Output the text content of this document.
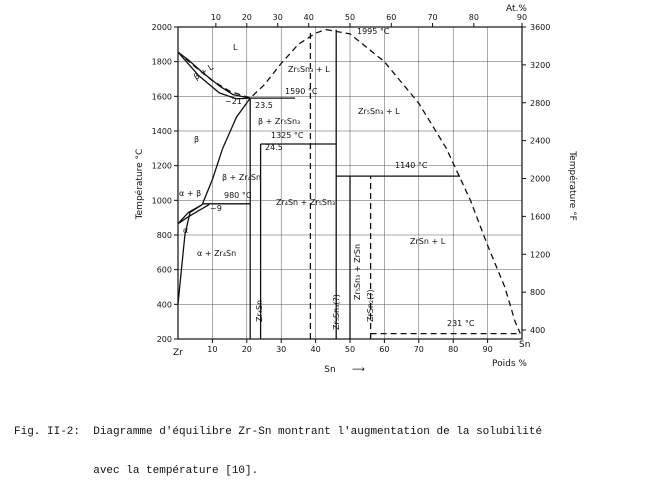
10	20	30	40	50	60	70	80	90
10	20	30	40	50	60	70	80	90
200
400
600
800
1000
1200
1400
1600
1800
2000
400
800
1200
1600
2000
2400
2800
3200
3600
Sn ⟶
Poids %
Zr
Sn
At.%
Température °C	Température °F
L
β + L	Zr₅Sn₃ + L
~21 23.5
1590 °C
1995 °C
β + Zr₅Sn₃
1325 °C
24.5
Zr₅Sn₃ + L
β
1140 °C
β + Zr₄Sn
α + β	980 °C
~9
Zr₄Sn + Zr₅Sn₃
ZrSn + L
α
α + Zr₄Sn
Zr₄Sn	Zr₅Sn₃(?)
Zr₅Sn₃ + ZrSn
ZrSn₂(?)
231 °C

Fig. II-2:  Diagramme d'équilibre Zr-Sn montrant l'augmentation de la solubilité

avec la température [10].
